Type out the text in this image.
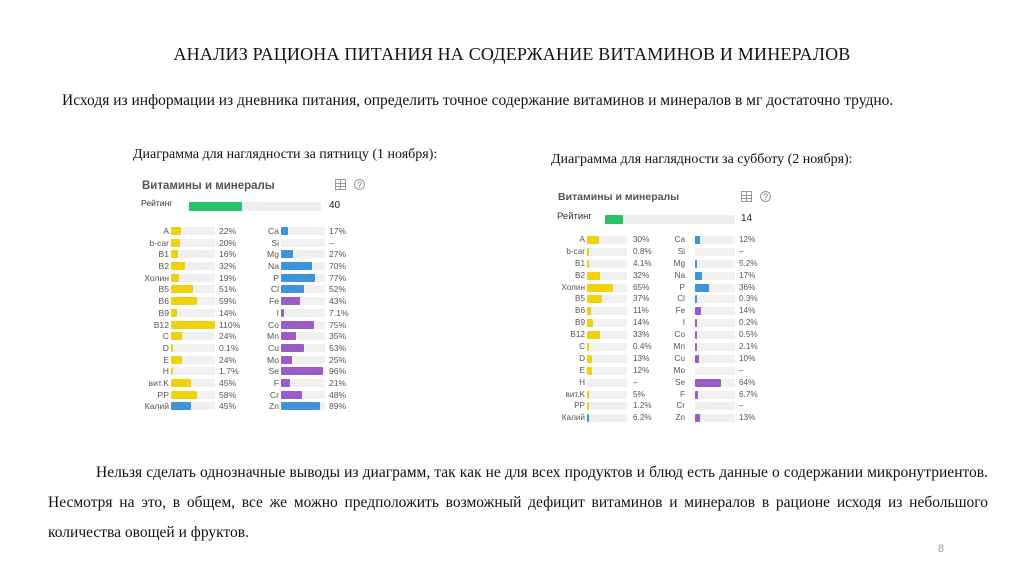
АНАЛИЗ РАЦИОНА ПИТАНИЯ НА СОДЕРЖАНИЕ ВИТАМИНОВ И МИНЕРАЛОВ
Исходя из информации из дневника питания, определить точное содержание витаминов и минералов в мг достаточно трудно.
Диаграмма для наглядности за пятницу (1 ноября):	Диаграмма для наглядности за субботу (2 ноября):
Витамины и минералы	?
Рейтинг	40
A	22%	Ca	17%
b-car	20%	Si	–
B1	16%	Mg	27%
B2	32%	Na	70%
Холин	19%	P	77%
B5	51%	Cl	52%
B6	59%	Fe	43%
B9	14%	I	7.1%
B12	110%	Co	75%
C	24%	Mn	35%
D	0.1%	Cu	53%
E	24%	Mo	25%
H	1.7%	Se	96%
вит.K	45%	F	21%
PP	58%	Cr	48%
Калий	45%	Zn	89%
Витамины и минералы	?
Рейтинг	14
A	30%	Ca	12%
b-car	0.8%	Si	–
B1	4.1%	Mg	5.2%
B2	32%	Na	17%
Холин	65%	P	36%
B5	37%	Cl	0.3%
B6	11%	Fe	14%
B9	14%	I	0.2%
B12	33%	Co	0.5%
C	0.4%	Mn	2.1%
D	13%	Cu	10%
E	12%	Mo	–
H	–	Se	64%
вит.K	5%	F	6.7%
PP	1.2%	Cr	–
Калий	6.2%	Zn	13%
Нельзя сделать однозначные выводы из диаграмм, так как не для всех продуктов и блюд есть данные о содержании микронутриентов. Несмотря на это, в общем, все же можно предположить возможный дефицит витаминов и минералов в рационе исходя из небольшого количества овощей и фруктов.
8
